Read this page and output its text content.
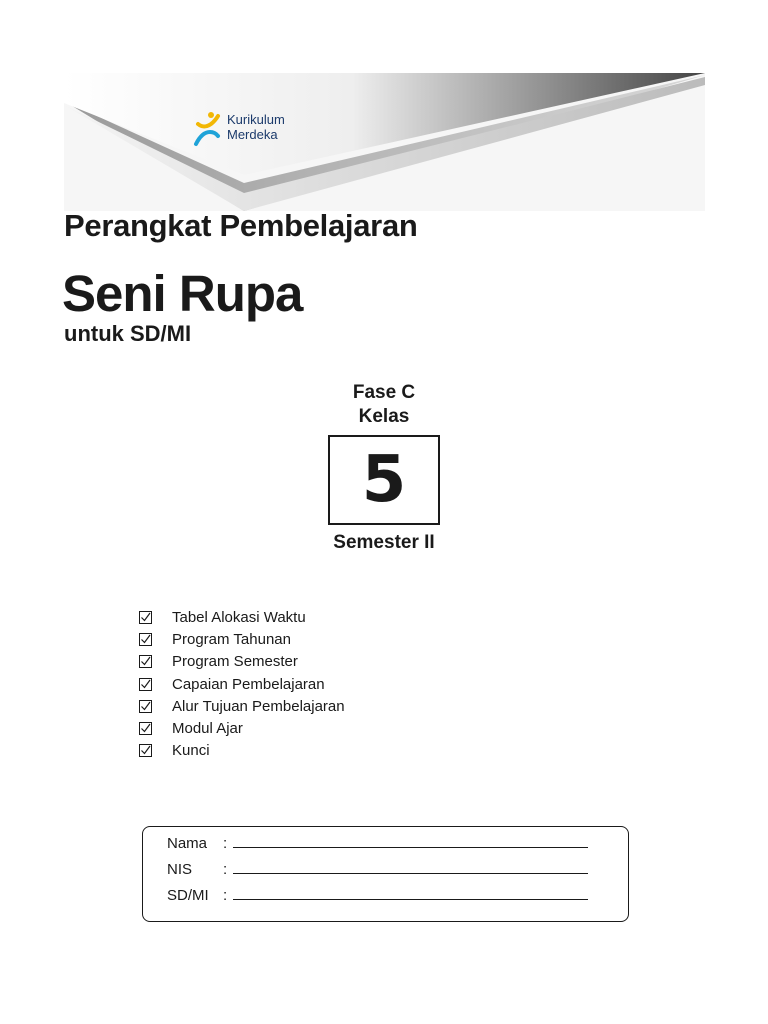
Kurikulum
Merdeka
Perangkat Pembelajaran
Seni Rupa
untuk SD/MI
Fase C
Kelas
5
Semester II
Tabel Alokasi Waktu
Program Tahunan
Program Semester
Capaian Pembelajaran
Alur Tujuan Pembelajaran
Modul Ajar
Kunci
Nama	:
NIS	:
SD/MI :
